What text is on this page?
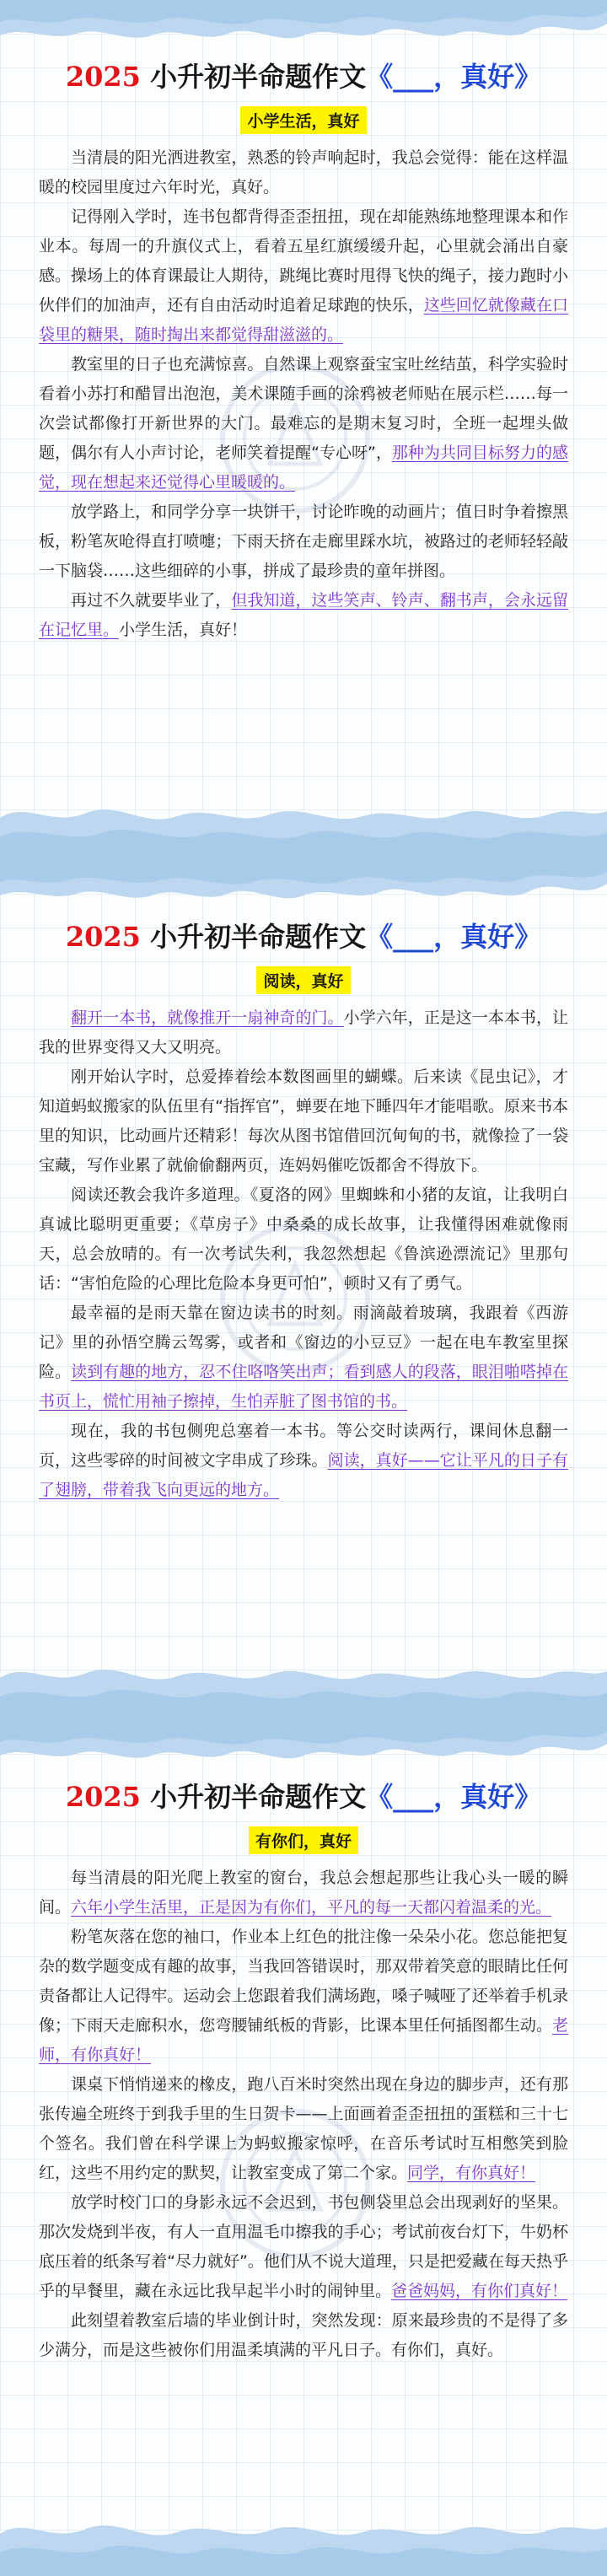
2025 小升初半命题作文《___，真好》
小学生活，真好

当清晨的阳光洒进教室，熟悉的铃声响起时，我总会觉得：能在这样温暖的校园里度过六年时光，真好。

记得刚入学时，连书包都背得歪歪扭扭，现在却能熟练地整理课本和作业本。每周一的升旗仪式上，看着五星红旗缓缓升起，心里就会涌出自豪感。操场上的体育课最让人期待，跳绳比赛时甩得飞快的绳子，接力跑时小伙伴们的加油声，还有自由活动时追着足球跑的快乐，这些回忆就像藏在口袋里的糖果，随时掏出来都觉得甜滋滋的。

教室里的日子也充满惊喜。自然课上观察蚕宝宝吐丝结茧，科学实验时看着小苏打和醋冒出泡泡，美术课随手画的涂鸦被老师贴在展示栏……每一次尝试都像打开新世界的大门。最难忘的是期末复习时，全班一起埋头做题，偶尔有人小声讨论，老师笑着提醒“专心呀”，那种为共同目标努力的感觉，现在想起来还觉得心里暖暖的。

放学路上，和同学分享一块饼干，讨论昨晚的动画片；值日时争着擦黑板，粉笔灰呛得直打喷嚏；下雨天挤在走廊里踩水坑，被路过的老师轻轻敲一下脑袋……这些细碎的小事，拼成了最珍贵的童年拼图。

再过不久就要毕业了，但我知道，这些笑声、铃声、翻书声，会永远留在记忆里。小学生活，真好！

2025 小升初半命题作文《___，真好》
阅读，真好

翻开一本书，就像推开一扇神奇的门。小学六年，正是这一本本书，让我的世界变得又大又明亮。

刚开始认字时，总爱捧着绘本数图画里的蝴蝶。后来读《昆虫记》，才知道蚂蚁搬家的队伍里有“指挥官”，蝉要在地下睡四年才能唱歌。原来书本里的知识，比动画片还精彩！每次从图书馆借回沉甸甸的书，就像捡了一袋宝藏，写作业累了就偷偷翻两页，连妈妈催吃饭都舍不得放下。

阅读还教会我许多道理。《夏洛的网》里蜘蛛和小猪的友谊，让我明白真诚比聪明更重要；《草房子》中桑桑的成长故事，让我懂得困难就像雨天，总会放晴的。有一次考试失利，我忽然想起《鲁滨逊漂流记》里那句话：“害怕危险的心理比危险本身更可怕”，顿时又有了勇气。

最幸福的是雨天靠在窗边读书的时刻。雨滴敲着玻璃，我跟着《西游记》里的孙悟空腾云驾雾，或者和《窗边的小豆豆》一起在电车教室里探险。读到有趣的地方，忍不住咯咯笑出声；看到感人的段落，眼泪啪嗒掉在书页上，慌忙用袖子擦掉，生怕弄脏了图书馆的书。

现在，我的书包侧兜总塞着一本书。等公交时读两行，课间休息翻一页，这些零碎的时间被文字串成了珍珠。阅读，真好——它让平凡的日子有了翅膀，带着我飞向更远的地方。

2025 小升初半命题作文《___，真好》
有你们，真好

每当清晨的阳光爬上教室的窗台，我总会想起那些让我心头一暖的瞬间。六年小学生活里，正是因为有你们，平凡的每一天都闪着温柔的光。

粉笔灰落在您的袖口，作业本上红色的批注像一朵朵小花。您总能把复杂的数学题变成有趣的故事，当我回答错误时，那双带着笑意的眼睛比任何责备都让人记得牢。运动会上您跟着我们满场跑，嗓子喊哑了还举着手机录像；下雨天走廊积水，您弯腰铺纸板的背影，比课本里任何插图都生动。老师，有你真好！

课桌下悄悄递来的橡皮，跑八百米时突然出现在身边的脚步声，还有那张传遍全班终于到我手里的生日贺卡——上面画着歪歪扭扭的蛋糕和三十七个签名。我们曾在科学课上为蚂蚁搬家惊呼，在音乐考试时互相憋笑到脸红，这些不用约定的默契，让教室变成了第二个家。同学，有你真好！

放学时校门口的身影永远不会迟到，书包侧袋里总会出现剥好的坚果。那次发烧到半夜，有人一直用温毛巾擦我的手心；考试前夜台灯下，牛奶杯底压着的纸条写着“尽力就好”。他们从不说大道理，只是把爱藏在每天热乎乎的早餐里，藏在永远比我早起半小时的闹钟里。爸爸妈妈，有你们真好！

此刻望着教室后墙的毕业倒计时，突然发现：原来最珍贵的不是得了多少满分，而是这些被你们用温柔填满的平凡日子。有你们，真好。
